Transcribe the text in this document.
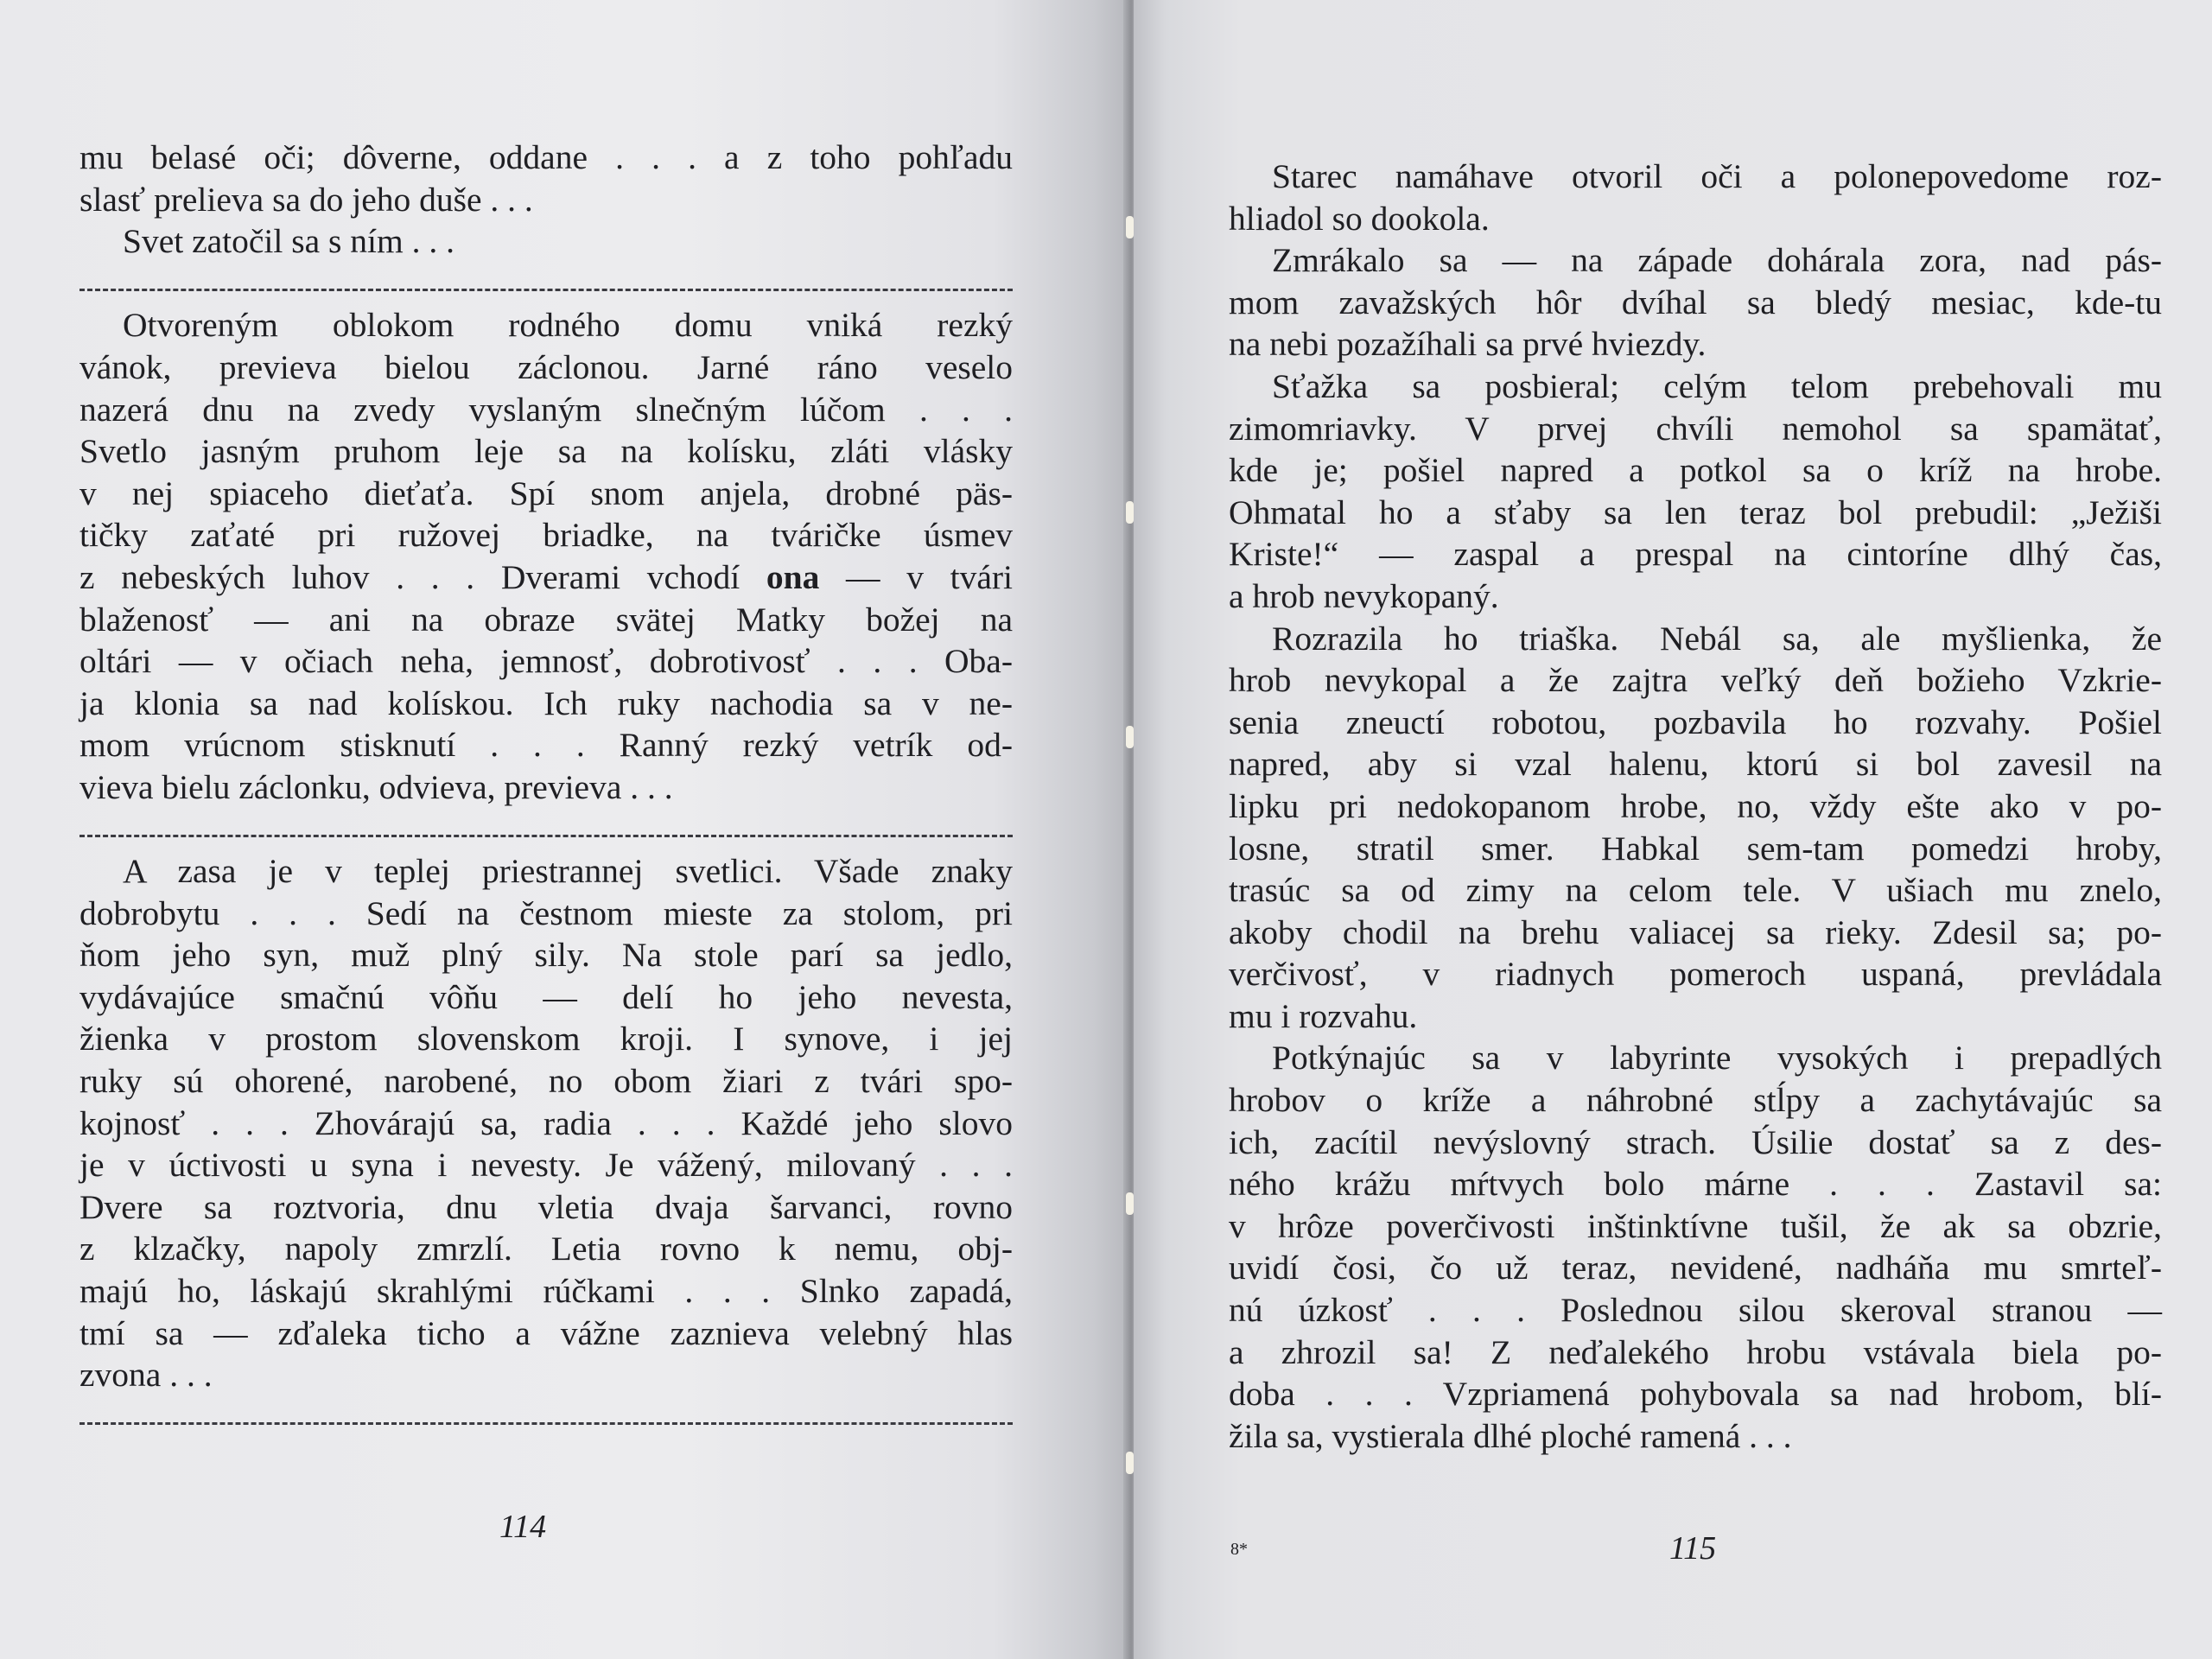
mu belasé oči; dôverne, oddane . . . a z toho pohľadu
slasť prelieva sa do jeho duše . . .
Svet zatočil sa s ním . . .
Otvoreným oblokom rodného domu vniká rezký
vánok, previeva bielou záclonou. Jarné ráno veselo
nazerá dnu na zvedy vyslaným slnečným lúčom . . .
Svetlo jasným pruhom leje sa na kolísku, zláti vlásky
v nej spiaceho dieťaťa. Spí snom anjela, drobné päs-
tičky zaťaté pri ružovej briadke, na tváričke úsmev
z nebeských luhov . . . Dverami vchodí ona — v tvári
blaženosť — ani na obraze svätej Matky božej na
oltári — v očiach neha, jemnosť, dobrotivosť . . . Oba-
ja klonia sa nad kolískou. Ich ruky nachodia sa v ne-
mom vrúcnom stisknutí . . . Ranný rezký vetrík od-
vieva bielu záclonku, odvieva, previeva . . .
A zasa je v teplej priestrannej svetlici. Všade znaky
dobrobytu . . . Sedí na čestnom mieste za stolom, pri
ňom jeho syn, muž plný sily. Na stole parí sa jedlo,
vydávajúce smačnú vôňu — delí ho jeho nevesta,
žienka v prostom slovenskom kroji. I synove, i jej
ruky sú ohorené, narobené, no obom žiari z tvári spo-
kojnosť . . . Zhovárajú sa, radia . . . Každé jeho slovo
je v úctivosti u syna i nevesty. Je vážený, milovaný . . .
Dvere sa roztvoria, dnu vletia dvaja šarvanci, rovno
z klzačky, napoly zmrzlí. Letia rovno k nemu, obj-
majú ho, láskajú skrahlými rúčkami . . . Slnko zapadá,
tmí sa — zďaleka ticho a vážne zaznieva velebný hlas
zvona . . .
114
Starec namáhave otvoril oči a polonepovedome roz-
hliadol so dookola.
Zmrákalo sa — na západe dohárala zora, nad pás-
mom zavažských hôr dvíhal sa bledý mesiac, kde-tu
na nebi pozažíhali sa prvé hviezdy.
Sťažka sa posbieral; celým telom prebehovali mu
zimomriavky. V prvej chvíli nemohol sa spamätať,
kde je; pošiel napred a potkol sa o kríž na hrobe.
Ohmatal ho a sťaby sa len teraz bol prebudil: „Ježiši
Kriste!“ — zaspal a prespal na cintoríne dlhý čas,
a hrob nevykopaný.
Rozrazila ho triaška. Nebál sa, ale myšlienka, že
hrob nevykopal a že zajtra veľký deň božieho Vzkrie-
senia zneuctí robotou, pozbavila ho rozvahy. Pošiel
napred, aby si vzal halenu, ktorú si bol zavesil na
lipku pri nedokopanom hrobe, no, vždy ešte ako v po-
losne, stratil smer. Habkal sem-tam pomedzi hroby,
trasúc sa od zimy na celom tele. V ušiach mu znelo,
akoby chodil na brehu valiacej sa rieky. Zdesil sa; po-
verčivosť, v riadnych pomeroch uspaná, prevládala
mu i rozvahu.
Potkýnajúc sa v labyrinte vysokých i prepadlých
hrobov o kríže a náhrobné stĺpy a zachytávajúc sa
ich, zacítil nevýslovný strach. Úsilie dostať sa z des-
ného krážu mŕtvych bolo márne . . . Zastavil sa:
v hrôze poverčivosti inštinktívne tušil, že ak sa obzrie,
uvidí čosi, čo už teraz, nevidené, nadháňa mu smrteľ-
nú úzkosť . . . Poslednou silou skeroval stranou —
a zhrozil sa! Z neďalekého hrobu vstávala biela po-
doba . . . Vzpriamená pohybovala sa nad hrobom, blí-
žila sa, vystierala dlhé ploché ramená . . .
8*	115
